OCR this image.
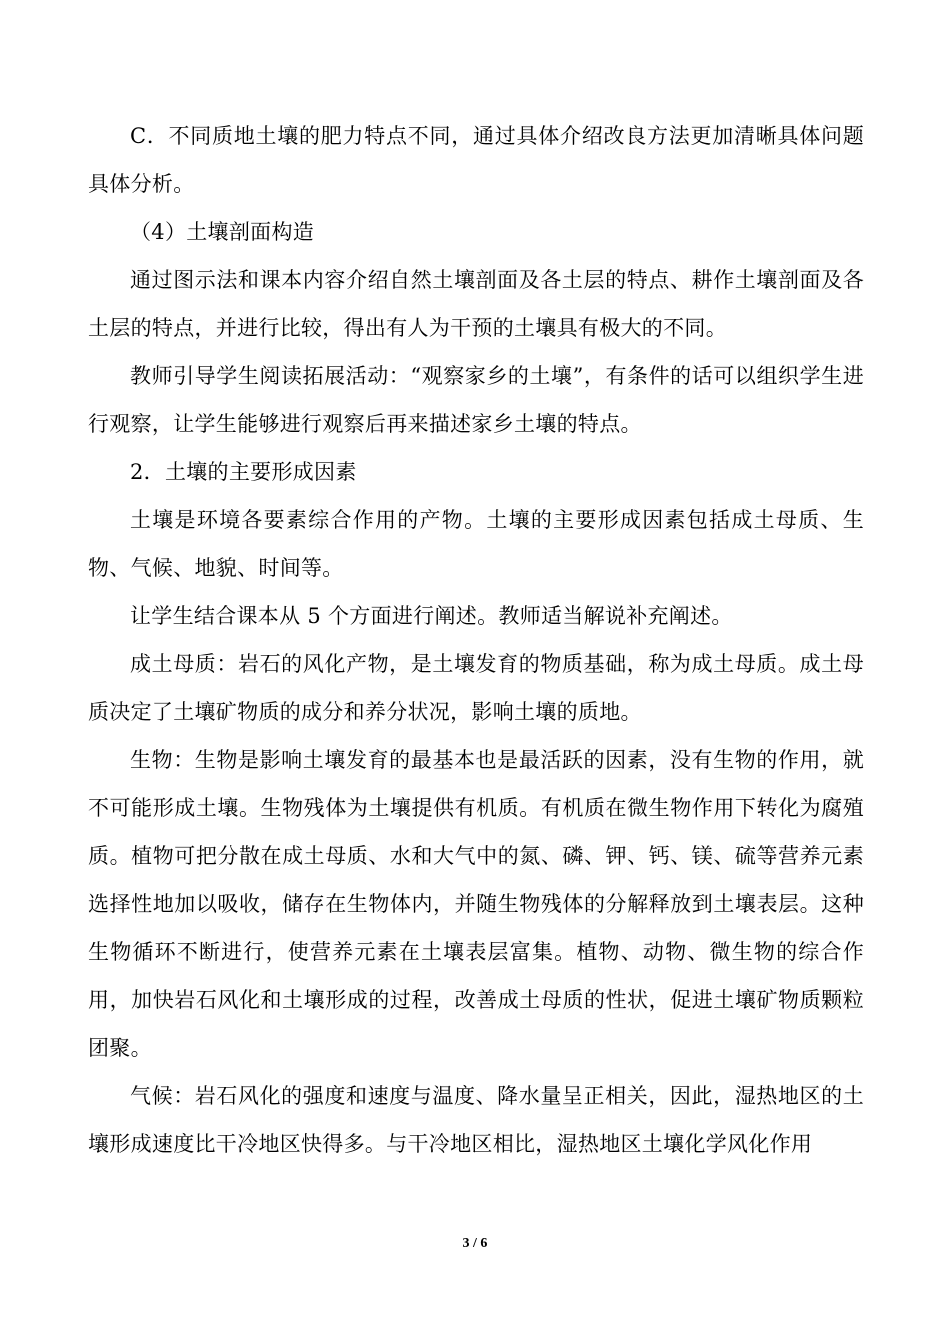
C．不同质地土壤的肥力特点不同，通过具体介绍改良方法更加清晰具体问题具体分析。

（4）土壤剖面构造

通过图示法和课本内容介绍自然土壤剖面及各土层的特点、耕作土壤剖面及各土层的特点，并进行比较，得出有人为干预的土壤具有极大的不同。

教师引导学生阅读拓展活动：“观察家乡的土壤”，有条件的话可以组织学生进行观察，让学生能够进行观察后再来描述家乡土壤的特点。

2．土壤的主要形成因素

土壤是环境各要素综合作用的产物。土壤的主要形成因素包括成土母质、生物、气候、地貌、时间等。

让学生结合课本从 5 个方面进行阐述。教师适当解说补充阐述。

成土母质：岩石的风化产物，是土壤发育的物质基础，称为成土母质。成土母质决定了土壤矿物质的成分和养分状况，影响土壤的质地。

生物：生物是影响土壤发育的最基本也是最活跃的因素，没有生物的作用，就不可能形成土壤。生物残体为土壤提供有机质。有机质在微生物作用下转化为腐殖质。植物可把分散在成土母质、水和大气中的氮、磷、钾、钙、镁、硫等营养元素选择性地加以吸收，储存在生物体内，并随生物残体的分解释放到土壤表层。这种生物循环不断进行，使营养元素在土壤表层富集。植物、动物、微生物的综合作用，加快岩石风化和土壤形成的过程，改善成土母质的性状，促进土壤矿物质颗粒团聚。

气候：岩石风化的强度和速度与温度、降水量呈正相关，因此，湿热地区的土壤形成速度比干冷地区快得多。与干冷地区相比，湿热地区土壤化学风化作用

3 / 6
